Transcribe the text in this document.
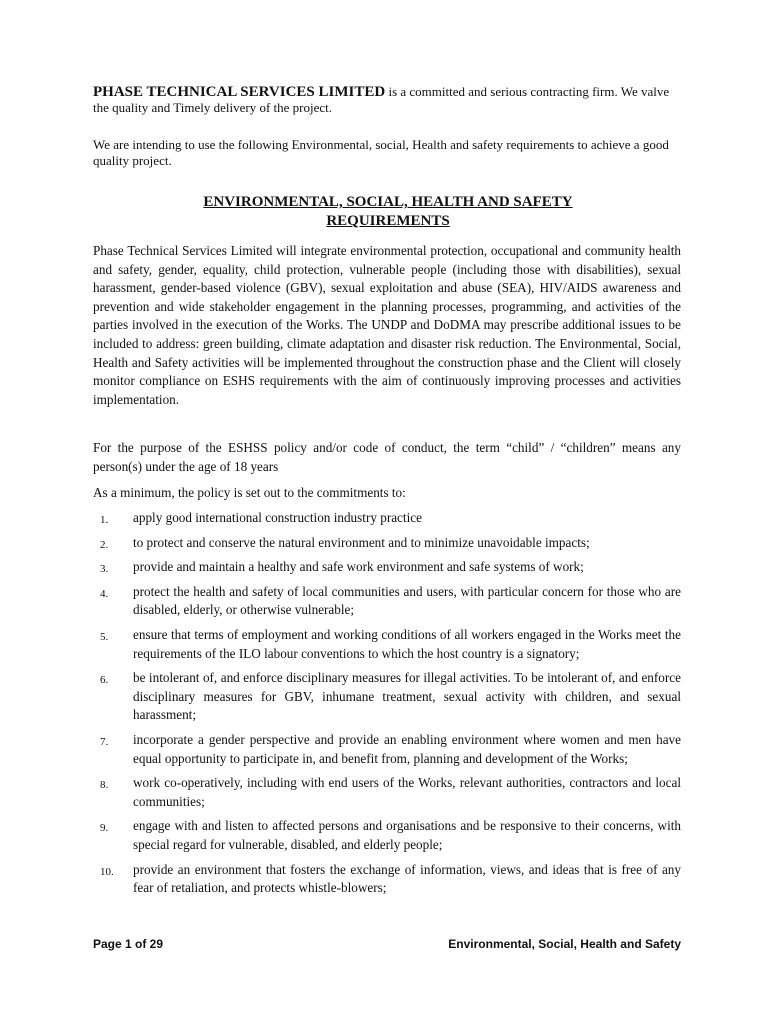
PHASE TECHNICAL SERVICES LIMITED is a committed and serious contracting firm. We valve the quality and Timely delivery of the project.
We are intending to use the following Environmental, social, Health and safety requirements to achieve a good quality project.
ENVIRONMENTAL, SOCIAL, HEALTH AND SAFETY
REQUIREMENTS
Phase Technical Services Limited will integrate environmental protection, occupational and community health and safety, gender, equality, child protection, vulnerable people (including those with disabilities), sexual harassment, gender-based violence (GBV), sexual exploitation and abuse (SEA), HIV/AIDS awareness and prevention and wide stakeholder engagement in the planning processes, programming, and activities of the parties involved in the execution of the Works. The UNDP and DoDMA may prescribe additional issues to be included to address: green building, climate adaptation and disaster risk reduction. The Environmental, Social, Health and Safety activities will be implemented throughout the construction phase and the Client will closely monitor compliance on ESHS requirements with the aim of continuously improving processes and activities implementation.
For the purpose of the ESHSS policy and/or code of conduct, the term “child” / “children” means any person(s) under the age of 18 years
As a minimum, the policy is set out to the commitments to:
1. apply good international construction industry practice
2. to protect and conserve the natural environment and to minimize unavoidable impacts;
3. provide and maintain a healthy and safe work environment and safe systems of work;
4. protect the health and safety of local communities and users, with particular concern for those who are disabled, elderly, or otherwise vulnerable;
5. ensure that terms of employment and working conditions of all workers engaged in the Works meet the requirements of the ILO labour conventions to which the host country is a signatory;
6. be intolerant of, and enforce disciplinary measures for illegal activities. To be intolerant of, and enforce disciplinary measures for GBV, inhumane treatment, sexual activity with children, and sexual harassment;
7. incorporate a gender perspective and provide an enabling environment where women and men have equal opportunity to participate in, and benefit from, planning and development of the Works;
8. work co-operatively, including with end users of the Works, relevant authorities, contractors and local communities;
9. engage with and listen to affected persons and organisations and be responsive to their concerns, with special regard for vulnerable, disabled, and elderly people;
10. provide an environment that fosters the exchange of information, views, and ideas that is free of any fear of retaliation, and protects whistle-blowers;
Page 1 of 29	Environmental, Social, Health and Safety
